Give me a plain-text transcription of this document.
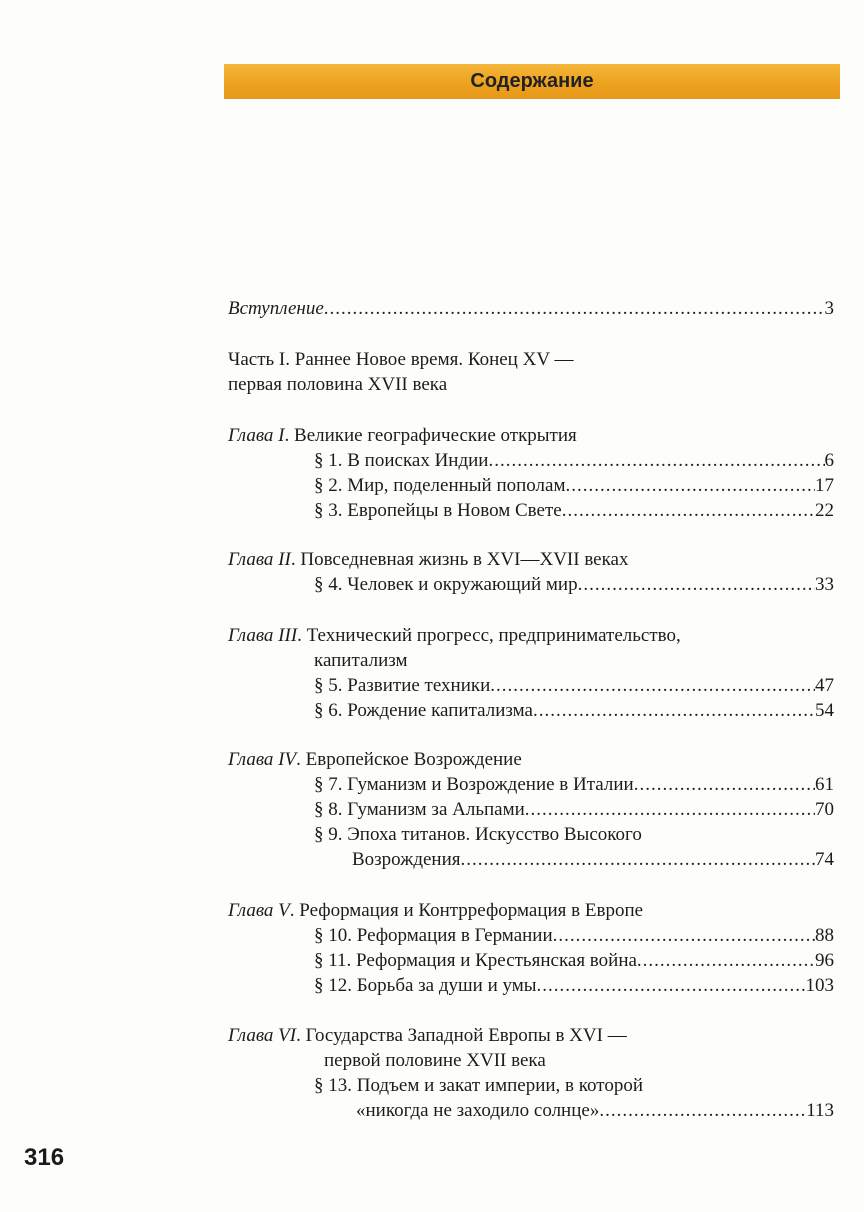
Содержание
Вступление .....	3
Часть I. Раннее Новое время. Конец XV —
первая половина XVII века
Глава I . Великие географические открытия
§ 1. В поисках Индии .....	6
§ 2. Мир, поделенный пополам .....	17
§ 3. Европейцы в Новом Свете .....	22
Глава II . Повседневная жизнь в XVI—XVII веках
§ 4. Человек и окружающий мир .....	33
Глава III . Технический прогресс, предпринимательство,
капитализм
§ 5. Развитие техники .....	47
§ 6. Рождение капитализма .....	54
Глава IV . Европейское Возрождение
§ 7. Гуманизм и Возрождение в Италии .....	61
§ 8. Гуманизм за Альпами .....	70
§ 9. Эпоха титанов. Искусство Высокого
Возрождения .....	74
Глава V . Реформация и Контрреформация в Европе
§ 10. Реформация в Германии .....	88
§ 11. Реформация и Крестьянская война .....	96
§ 12. Борьба за души и умы .....	103
Глава VI . Государства Западной Европы в XVI —
первой половине XVII века
§ 13. Подъем и закат империи, в которой
«никогда не заходило солнце» .....	113
316
